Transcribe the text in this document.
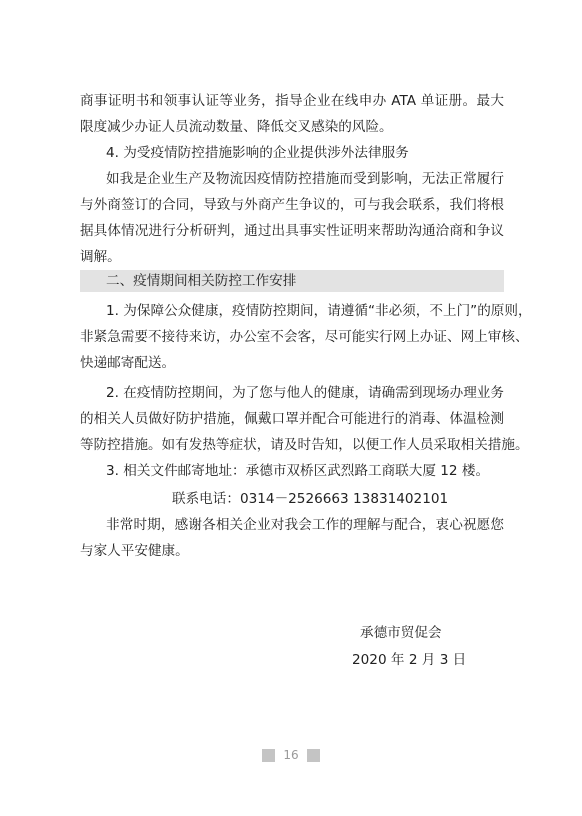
商事证明书和领事认证等业务，指导企业在线申办 ATA 单证册。最大
限度减少办证人员流动数量、降低交叉感染的风险。
4. 为受疫情防控措施影响的企业提供涉外法律服务
如我是企业生产及物流因疫情防控措施而受到影响，无法正常履行
与外商签订的合同，导致与外商产生争议的，可与我会联系，我们将根
据具体情况进行分析研判，通过出具事实性证明来帮助沟通洽商和争议
调解。
二、疫情期间相关防控工作安排
1. 为保障公众健康，疫情防控期间，请遵循“非必须，不上门”的原则，
非紧急需要不接待来访，办公室不会客，尽可能实行网上办证、网上审核、
快递邮寄配送。
2. 在疫情防控期间，为了您与他人的健康，请确需到现场办理业务
的相关人员做好防护措施，佩戴口罩并配合可能进行的消毒、体温检测
等防控措施。如有发热等症状，请及时告知，以便工作人员采取相关措施。
3. 相关文件邮寄地址：承德市双桥区武烈路工商联大厦 12 楼。
联系电话：0314－2526663 13831402101
非常时期，感谢各相关企业对我会工作的理解与配合，衷心祝愿您
与家人平安健康。
承德市贸促会
2020 年 2 月 3 日
16
